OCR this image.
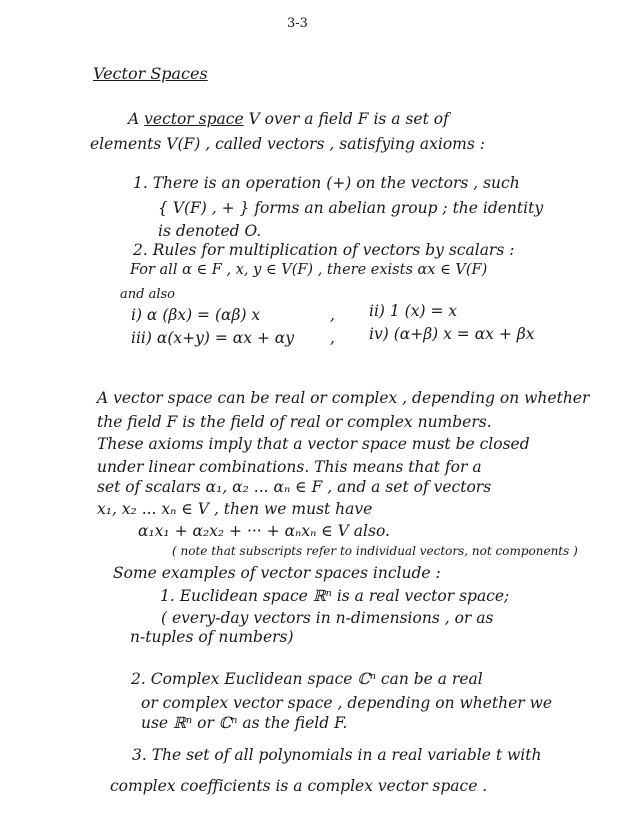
3-3
Vector Spaces
A vector space V over a field F is a set of
elements V(F) , called vectors , satisfying axioms :
1. There is an operation (+) on the vectors , such
{ V(F) , + } forms an abelian group ; the identity
is denoted O.
2. Rules for multiplication of vectors by scalars :
For all α ∈ F , x, y ∈ V(F) , there exists αx ∈ V(F)
and also
i) α (βx) = (αβ) x	, ii) 1 (x) = x
iii) α(x+y) = αx + αy , iv) (α+β) x = αx + βx
A vector space can be real or complex , depending on whether
the field F is the field of real or complex numbers.
These axioms imply that a vector space must be closed
under linear combinations. This means that for a
set of scalars α₁, α₂ ... αₙ ∈ F , and a set of vectors
x₁, x₂ ... xₙ ∈ V , then we must have
α₁x₁ + α₂x₂ + ··· + αₙxₙ ∈ V also.
( note that subscripts refer to individual vectors, not components )
Some examples of vector spaces include :
1. Euclidean space ℝⁿ is a real vector space;
( every-day vectors in n-dimensions , or as
n-tuples of numbers)
2. Complex Euclidean space ℂⁿ can be a real
or complex vector space , depending on whether we
use ℝⁿ or ℂⁿ as the field F.
3. The set of all polynomials in a real variable t with
complex coefficients is a complex vector space .
